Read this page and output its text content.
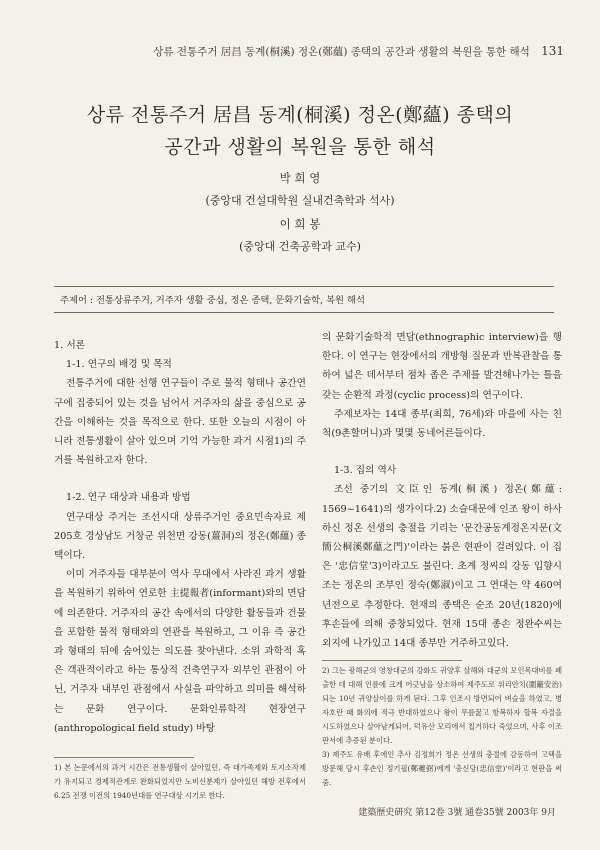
상류 전통주거 居昌 동계(桐溪) 정온(鄭蘊) 종택의 공간과 생활의 복원을 통한 해석 131
상류 전통주거 居昌 동계(桐溪) 정온(鄭蘊) 종택의
공간과 생활의 복원을 통한 해석
박 희 영
(중앙대 건설대학원 실내건축학과 석사)
이 희 봉
(중앙대 건축공학과 교수)
주제어 : 전통상류주거, 거주자 생활 중심, 정온 종택, 문화기술학, 복원 해석

1. 서론

1-1. 연구의 배경 및 목적

전통주거에 대한 선행 연구들이 주로 물적 형태나 공간연구에 집중되어 있는 것을 넘어서 거주자의 삶을 중심으로 공간을 이해하는 것을 목적으로 한다. 또한 오늘의 시점이 아니라 전통생활이 살아 있으며 기억 가능한 과거 시점1)의 주거를 복원하고자 한다.

1-2. 연구 대상과 내용과 방법

연구대상 주거는 조선시대 상류주거인 중요민속자료 제 205호 경상남도 거창군 위천면 강동(薑洞)의 정온(鄭蘊) 종택이다.

이미 거주자들 대부분이 역사 무대에서 사라진 과거 생활을 복원하기 위하여 연로한 主提報者(informant)와의 면담에 의존한다. 거주자의 공간 속에서의 다양한 활동들과 건물을 포함한 물적 형태와의 연관을 복원하고, 그 이유 즉 공간과 형태의 뒤에 숨어있는 의도를 찾아낸다. 소위 과학적 혹은 객관적이라고 하는 통상적 건축연구자 외부인 관점이 아닌, 거주자 내부인 관점에서 사실을 파악하고 의미를 해석하는 문화 연구이다. 문화인류학적 현장연구(anthropological field study) 바탕

1) 본 논문에서의 과거 시간은 전통생활이 살아있던, 즉 대가족제와 토지소작제가 유지되고 경제적관계로 완화되었지만 노비신분제가 살아있던 해방 전후에서 6.25 전쟁 이전의 1940년대를 연구대상 시기로 한다.

의 문화기술학적 면담(ethnographic interview)을 행한다. 이 연구는 현장에서의 개방형 질문과 반복관찰을 통하여 넓은 데서부터 점차 좁은 주제를 발견해나가는 틀을 갖는 순환적 과정(cyclic process)의 연구이다.

주제보자는 14대 종부(최희, 76세)와 마을에 사는 친척(9촌할머니)과 몇몇 동네어른들이다.

1-3. 집의 역사

조선 중기의 文臣인 동계(桐溪) 정온(鄭蘊: 1569~1641)의 생가이다.2) 소슬대문에 인조 왕이 하사하신 정온 선생의 충절을 기리는 '문간공동계정온지문(文簡公桐溪鄭蘊之門)'이라는 붉은 현판이 걸려있다. 이 집은 '忠信堂'3)이라고도 불린다. 초계 정씨의 강동 입향시조는 정온의 조부인 정숙(鄭淑)이고 그 연대는 약 460여년전으로 추정한다. 현재의 종택은 순조 20년(1820)에 후손들에 의해 중창되었다. 현재 15대 종손 정완수씨는 외지에 나가있고 14대 종부만 거주하고있다.

2) 그는 광해군의 영창대군의 강화도 귀양후 살해와 대군의 모인목대비를 폐출한 데 대해 인륜에 크게 어긋남을 상소하여 제주도로 위리안치(圍籬安治)되는 10년 귀양살이를 하게 된다. 그후 인조시 방면되어 벼슬을 하였고, 병자호란 때 화의에 적극 반대하였으나 왕이 무릎꿇고 항복하자 할복 자결을 시도하였으나 살아남게되어, 덕유산 모리에서 칩거하다 죽었으며, 사후 이조판서에 추증된 분이다.

3) 제주도 유배 후에인 추사 김정희가 정온 선생의 충절에 감동하여 고택을 방문해 당시 후손인 정기필(鄭夔弼)에게 '충신당(忠信堂)'이라고 현판을 써줌.

建築歷史硏究 第12卷 3號 通卷35號 2003年 9月
